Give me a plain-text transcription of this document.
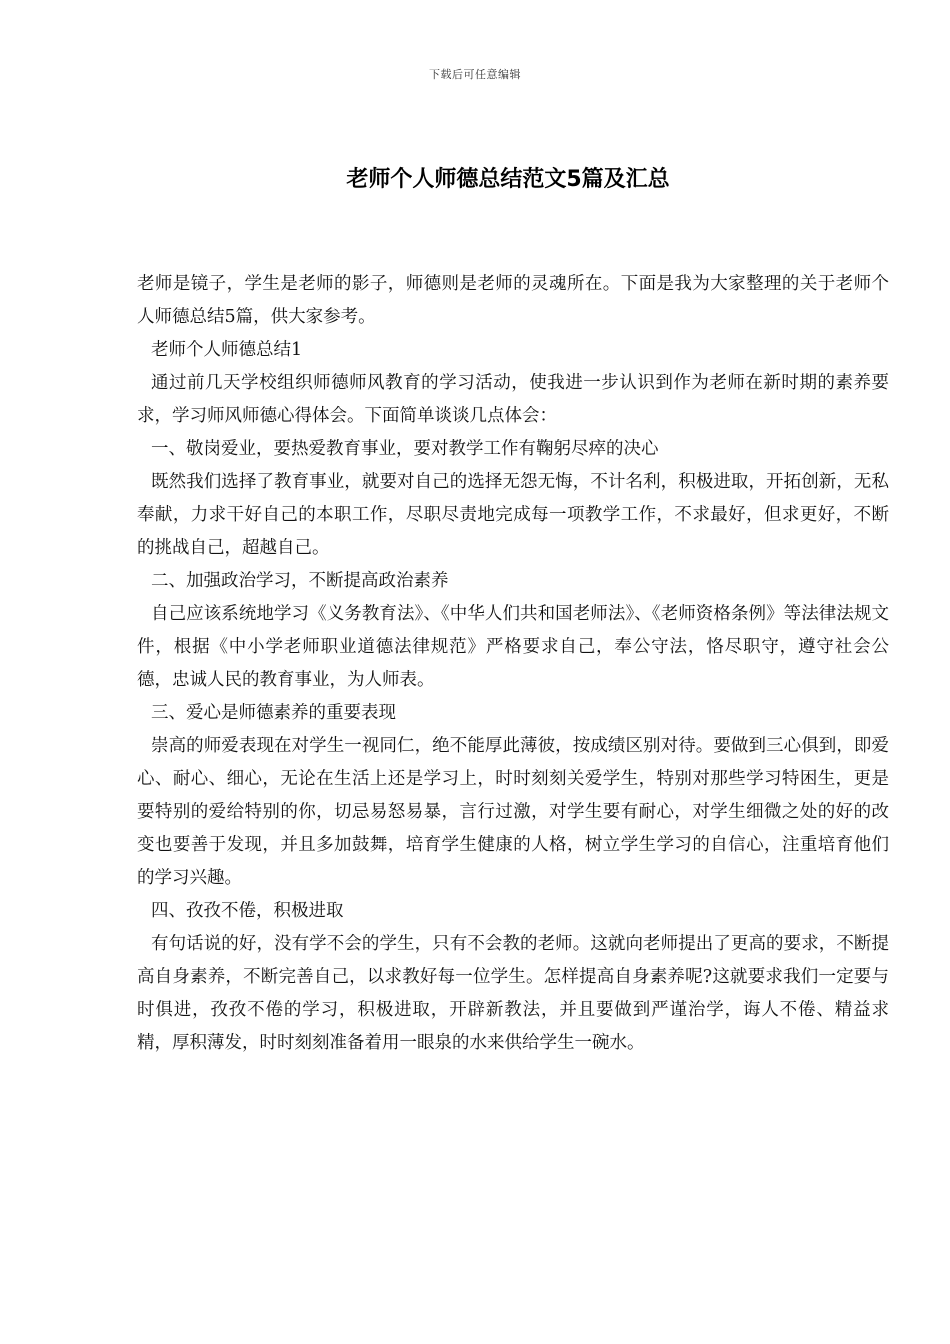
下载后可任意编辑
老师个人师德总结范文5篇及汇总

老师是镜子，学生是老师的影子，师德则是老师的灵魂所在。下面是我为大家整理的关于老师个人师德总结5篇，供大家参考。

老师个人师德总结1

通过前几天学校组织师德师风教育的学习活动，使我进一步认识到作为老师在新时期的素养要求，学习师风师德心得体会。下面简单谈谈几点体会：

一、敬岗爱业，要热爱教育事业，要对教学工作有鞠躬尽瘁的决心

既然我们选择了教育事业，就要对自己的选择无怨无悔，不计名利，积极进取，开拓创新，无私奉献，力求干好自己的本职工作，尽职尽责地完成每一项教学工作，不求最好，但求更好，不断的挑战自己，超越自己。

二、加强政治学习，不断提高政治素养

自己应该系统地学习《义务教育法》、《中华人们共和国老师法》、《老师资格条例》等法律法规文件，根据《中小学老师职业道德法律规范》严格要求自己，奉公守法，恪尽职守，遵守社会公德，忠诚人民的教育事业，为人师表。

三、爱心是师德素养的重要表现

崇高的师爱表现在对学生一视同仁，绝不能厚此薄彼，按成绩区别对待。要做到三心俱到，即爱心、耐心、细心，无论在生活上还是学习上，时时刻刻关爱学生，特别对那些学习特困生，更是要特别的爱给特别的你，切忌易怒易暴，言行过激，对学生要有耐心，对学生细微之处的好的改变也要善于发现，并且多加鼓舞，培育学生健康的人格，树立学生学习的自信心，注重培育他们的学习兴趣。

四、孜孜不倦，积极进取

有句话说的好，没有学不会的学生，只有不会教的老师。这就向老师提出了更高的要求，不断提高自身素养，不断完善自己，以求教好每一位学生。怎样提高自身素养呢?这就要求我们一定要与时俱进，孜孜不倦的学习，积极进取，开辟新教法，并且要做到严谨治学，诲人不倦、精益求精，厚积薄发，时时刻刻准备着用一眼泉的水来供给学生一碗水。
